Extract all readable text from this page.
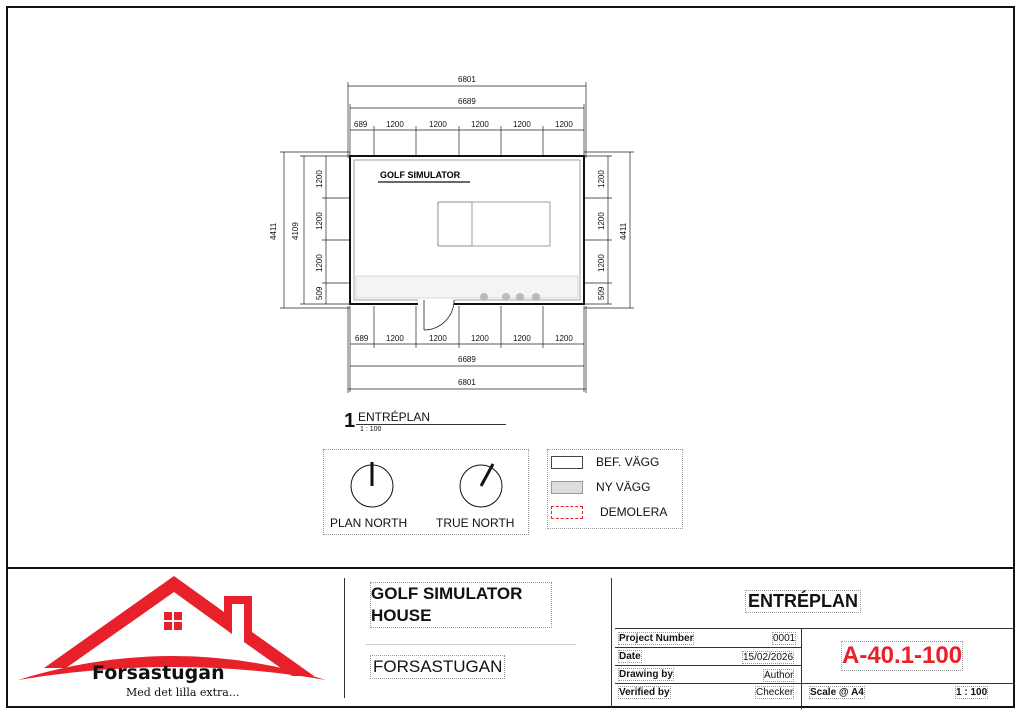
GOLF SIMULATOR
6801
6689
689 1200	1200	1200	1200	1200
689 1200	1200	1200	1200	1200
6689
6801
4411 4109
1200
1200
1200
509
1200
1200
1200
509
4411
1 ENTRÉPLAN
1 : 100
PLAN NORTH TRUE NORTH
BEF. VÄGG
NY VÄGG
DEMOLERA
Forsastugan
Med det lilla extra...
GOLF SIMULATOR HOUSE
FORSASTUGAN
ENTRÉPLAN
Project Number	0001
Date	15/02/2026
Drawing by	Author
Verified by	Checker
A-40.1-100
Scale @ A4	1 : 100
